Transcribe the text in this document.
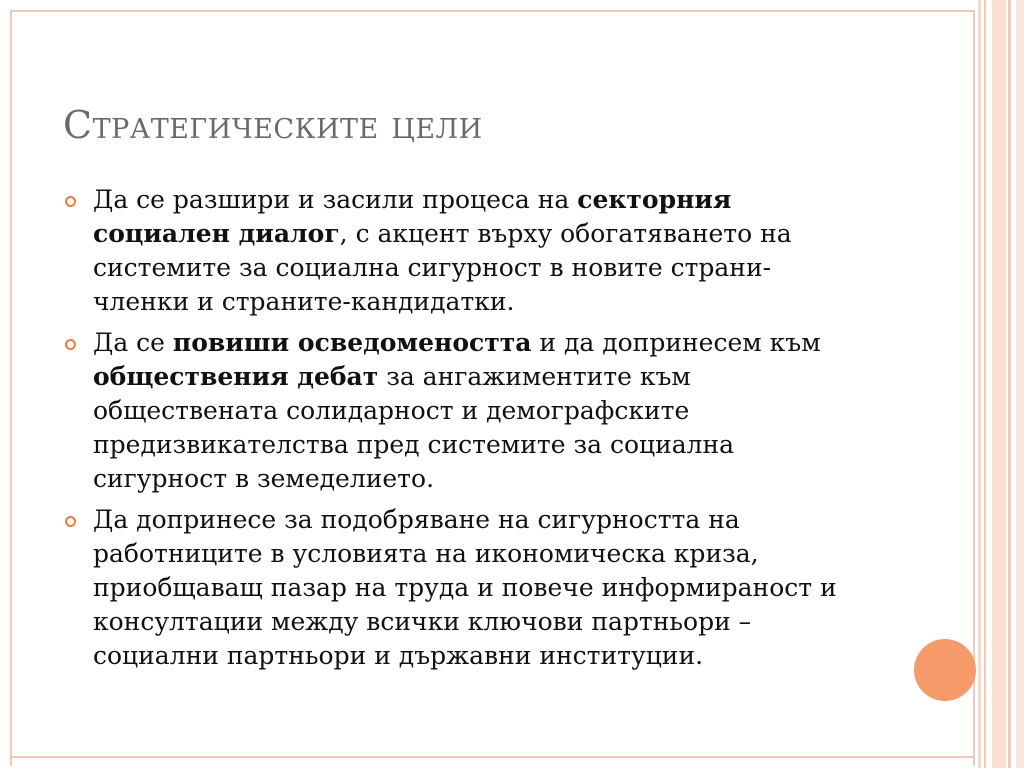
Стратегическите цели
Да се разшири и засили процеса на секторния социален диалог, с акцент върху обогатяването на системите за социална сигурност в новите страни-членки и страните-кандидатки.
Да се повиши осведомеността и да допринесем към обществения дебат за ангажиментите към обществената солидарност и демографските предизвикателства пред системите за социална сигурност в земеделието.
Да допринесе за подобряване на сигурността на работниците в условията на икономическа криза, приобщаващ пазар на труда и повече информираност и консултации между всички ключови партньори – социални партньори и държавни институции.
